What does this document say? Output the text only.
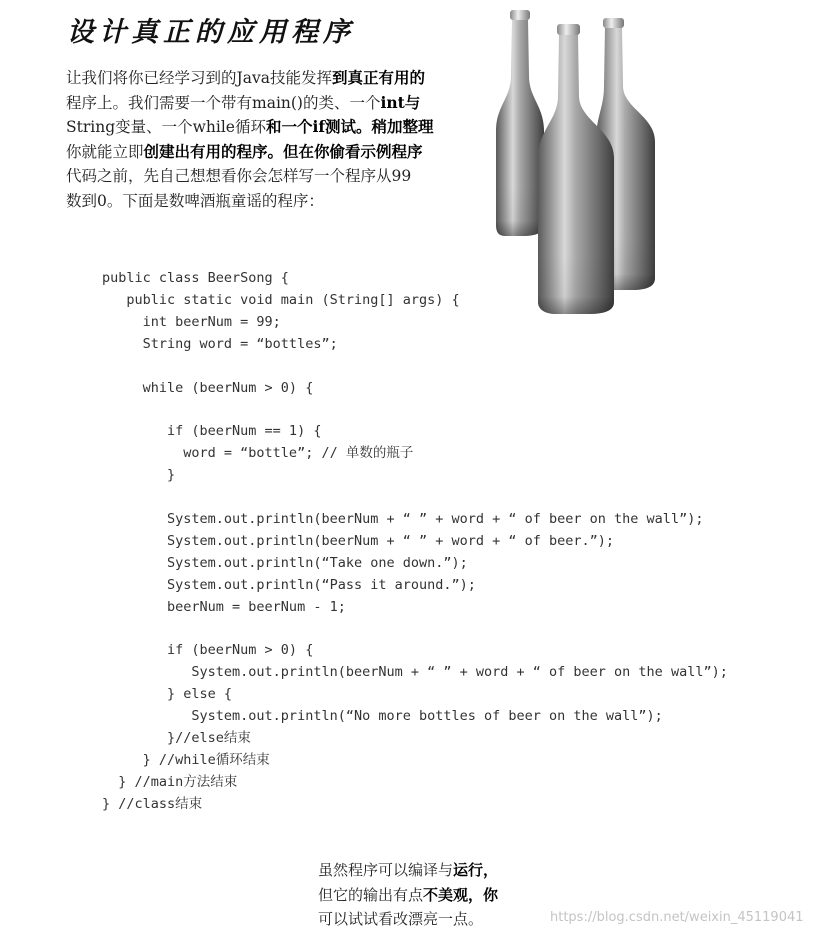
设计真正的应用程序

让我们将你已经学习到的Java技能发挥到真正有用的
程序上。我们需要一个带有main()的类、一个int与
String变量、一个while循环和一个if测试。稍加整理
你就能立即创建出有用的程序。但在你偷看示例程序
代码之前，先自己想想看你会怎样写一个程序从99
数到0。下面是数啤酒瓶童谣的程序：

public class BeerSong {
public static void main (String[] args) {
int beerNum = 99;
String word = “bottles”;

while (beerNum > 0) {

if (beerNum == 1) {
word = “bottle”; // 单数的瓶子
}

System.out.println(beerNum + “ ” + word + “ of beer on the wall”);
System.out.println(beerNum + “ ” + word + “ of beer.”);
System.out.println(“Take one down.”);
System.out.println(“Pass it around.”);
beerNum = beerNum - 1;

if (beerNum > 0) {
System.out.println(beerNum + “ ” + word + “ of beer on the wall”);
} else {
System.out.println(“No more bottles of beer on the wall”);
}//else结束
} //while循环结束
} //main方法结束
} //class结束

虽然程序可以编译与运行，
但它的输出有点不美观，你
可以试试看改漂亮一点。	https://blog.csdn.net/weixin_45119041
